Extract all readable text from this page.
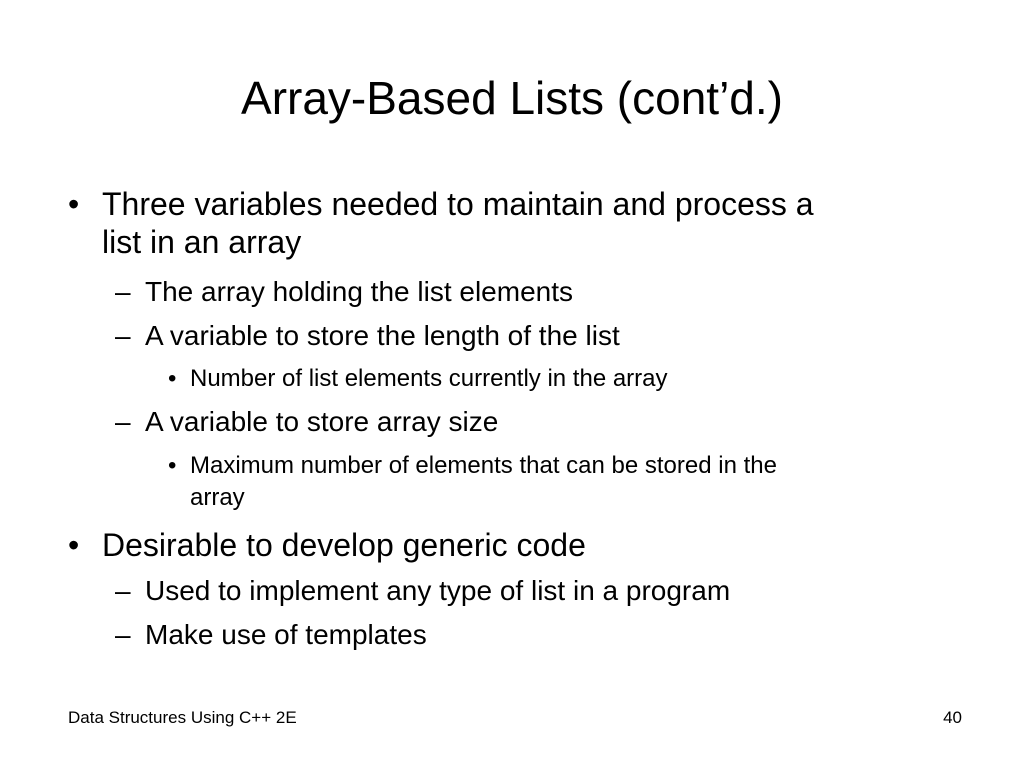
Array-Based Lists (cont’d.)
• Three variables needed to maintain and process a
list in an array
– The array holding the list elements
– A variable to store the length of the list
• Number of list elements currently in the array
– A variable to store array size
• Maximum number of elements that can be stored in the
array
• Desirable to develop generic code
– Used to implement any type of list in a program
– Make use of templates
Data Structures Using C++ 2E	40
